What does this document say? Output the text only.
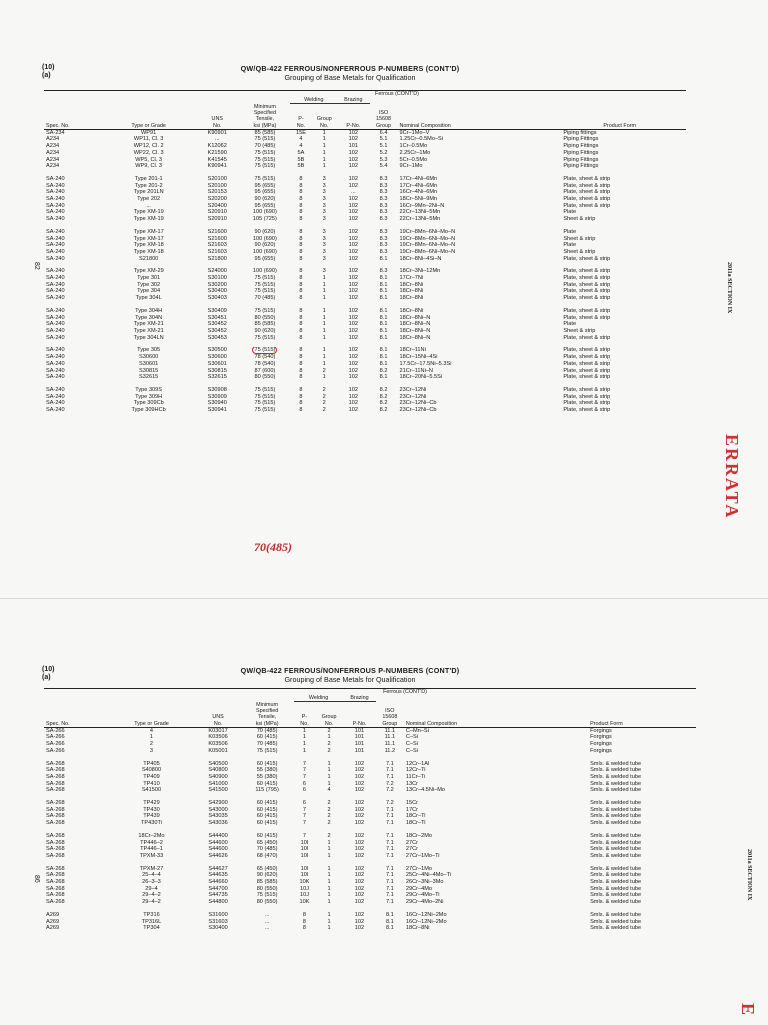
(10)
(a)
QW/QB-422 FERROUS/NONFERROUS P-NUMBERS (CONT'D)
Grouping of Base Metals for Qualification
						Ferrous (CONT'D)			
				Welding		Brazing			
Spec. No.	Type or Grade	UNS
No.	Minimum
Specified
Tensile,
ksi (MPa)	P-
No.	Group
No.	P-No.	ISO
15608
Group	Nominal Composition	Product Form
SA-234	WP91	K90901	85 (585)	15E	1	102	6.4	9Cr–1Mo–V	Piping fittings
A234	WP11, Cl. 3	...	75 (515)	4	1	102	5.1	1.25Cr–0.5Mo–Si	Piping Fittings
A234	WP12, Cl. 2	K12062	70 (485)	4	1	101	5.1	1Cr–0.5Mo	Piping Fittings
A234	WP22, Cl. 3	K21590	75 (515)	5A	1	102	5.2	2.25Cr–1Mo	Piping Fittings
A234	WP5, Cl. 3	K41545	75 (515)	5B	1	102	5.3	5Cr–0.5Mo	Piping Fittings
A234	WP9, Cl. 3	K90941	75 (515)	5B	1	102	5.4	9Cr–1Mo	Piping Fittings

SA-240	Type 201-1	S20100	75 (515)	8	3	102	8.3	17Cr–4Ni–6Mn	Plate, sheet & strip
SA-240	Type 201-2	S20100	95 (655)	8	3	102	8.3	17Cr–4Ni–6Mn	Plate, sheet & strip
SA-240	Type 201LN	S20153	95 (655)	8	3	...	8.3	16Cr–4Ni–6Mn	Plate, sheet & strip
SA-240	Type 202	S20200	90 (620)	8	3	102	8.3	18Cr–5Ni–9Mn	Plate, sheet & strip
SA-240	...	S20400	95 (655)	8	3	102	8.3	16Cr–9Mn–2Ni–N	Plate, sheet & strip
SA-240	Type XM-19	S20910	100 (690)	8	3	102	8.3	22Cr–13Ni–5Mn	Plate
SA-240	Type XM-19	S20910	105 (725)	8	3	102	8.3	22Cr–13Ni–5Mn	Sheet & strip

SA-240	Type XM-17	S21600	90 (620)	8	3	102	8.3	19Cr–8Mn–6Ni–Mo–N	Plate
SA-240	Type XM-17	S21600	100 (690)	8	3	102	8.3	19Cr–8Mn–6Ni–Mo–N	Sheet & strip
SA-240	Type XM-18	S21603	90 (620)	8	3	102	8.3	19Cr–8Mn–6Ni–Mo–N	Plate
SA-240	Type XM-18	S21603	100 (690)	8	3	102	8.3	19Cr–8Mn–6Ni–Mo–N	Sheet & strip
SA-240	S21800	S21800	95 (655)	8	3	102	8.1	18Cr–8Ni–4Si–N	Plate, sheet & strip

SA-240	Type XM-29	S24000	100 (690)	8	3	102	8.3	18Cr–3Ni–12Mn	Plate, sheet & strip
SA-240	Type 301	S30100	75 (515)	8	1	102	8.1	17Cr–7Ni	Plate, sheet & strip
SA-240	Type 302	S30200	75 (515)	8	1	102	8.1	18Cr–8Ni	Plate, sheet & strip
SA-240	Type 304	S30400	75 (515)	8	1	102	8.1	18Cr–8Ni	Plate, sheet & strip
SA-240	Type 304L	S30403	70 (485)	8	1	102	8.1	18Cr–8Ni	Plate, sheet & strip

SA-240	Type 304H	S30409	75 (515)	8	1	102	8.1	18Cr–8Ni	Plate, sheet & strip
SA-240	Type 304N	S30451	80 (550)	8	1	102	8.1	18Cr–8Ni–N	Plate, sheet & strip
SA-240	Type XM-21	S30452	85 (585)	8	1	102	8.1	18Cr–8Ni–N	Plate
SA-240	Type XM-21	S30452	90 (620)	8	1	102	8.1	18Cr–8Ni–N	Sheet & strip
SA-240	Type 304LN	S30453	75 (515)	8	1	102	8.1	18Cr–8Ni–N	Plate, sheet & strip

SA-240	Type 305	S30500	75 (515)	8	1	102	8.1	18Cr–11Ni	Plate, sheet & strip
SA-240	S30600	S30600	78 (540)	8	1	102	8.1	18Cr–15Ni–4Si	Plate, sheet & strip
SA-240	S30601	S30601	78 (540)	8	1	102	8.1	17.5Cr–17.5Ni–5.3Si	Plate, sheet & strip
SA-240	S30815	S30815	87 (600)	8	2	102	8.2	21Cr–11Ni–N	Plate, sheet & strip
SA-240	S32615	S32615	80 (550)	8	1	102	8.1	18Cr–20Ni–5.5Si	Plate, sheet & strip

SA-240	Type 309S	S30908	75 (515)	8	2	102	8.2	23Cr–12Ni	Plate, sheet & strip
SA-240	Type 309H	S30909	75 (515)	8	2	102	8.2	23Cr–12Ni	Plate, sheet & strip
SA-240	Type 309Cb	S30940	75 (515)	8	2	102	8.2	23Cr–12Ni–Cb	Plate, sheet & strip
SA-240	Type 309HCb	S30941	75 (515)	8	2	102	8.2	23Cr–12Ni–Cb	Plate, sheet & strip
70(485)
2011a SECTION IX
82
ERRATA
(10)
(a)
QW/QB-422 FERROUS/NONFERROUS P-NUMBERS (CONT'D)
Grouping of Base Metals for Qualification
						Ferrous (CONT'D)			
				Welding		Brazing			
Spec. No.	Type or Grade	UNS
No.	Minimum
Specified
Tensile,
ksi (MPa)	P-
No.	Group
No.	P-No.	ISO
15608
Group	Nominal Composition	Product Form
SA-266	4	K03017	70 (485)	1	2	101	11.1	C–Mn–Si	Forgings
SA-266	1	K03506	60 (415)	1	1	101	11.1	C–Si	Forgings
SA-266	2	K03506	70 (485)	1	2	101	11.1	C–Si	Forgings
SA-266	3	K05001	75 (515)	1	2	101	11.2	C–Si	Forgings

SA-268	TP405	S40500	60 (415)	7	1	102	7.1	12Cr–1Al	Smls. & welded tube
SA-268	S40800	S40800	55 (380)	7	1	102	7.1	12Cr–Ti	Smls. & welded tube
SA-268	TP409	S40900	55 (380)	7	1	102	7.1	11Cr–Ti	Smls. & welded tube
SA-268	TP410	S41000	60 (415)	6	1	102	7.2	13Cr	Smls. & welded tube
SA-268	S41500	S41500	115 (795)	6	4	102	7.2	13Cr–4.5Ni–Mo	Smls. & welded tube

SA-268	TP429	S42900	60 (415)	6	2	102	7.2	15Cr	Smls. & welded tube
SA-268	TP430	S43000	60 (415)	7	2	102	7.1	17Cr	Smls. & welded tube
SA-268	TP439	S43035	60 (415)	7	2	102	7.1	18Cr–Ti	Smls. & welded tube
SA-268	TP430Ti	S43036	60 (415)	7	2	102	7.1	18Cr–Ti	Smls. & welded tube

SA-268	18Cr–2Mo	S44400	60 (415)	7	2	102	7.1	18Cr–2Mo	Smls. & welded tube
SA-268	TP446–2	S44600	65 (450)	10I	1	102	7.1	27Cr	Smls. & welded tube
SA-268	TP446–1	S44600	70 (485)	10I	1	102	7.1	27Cr	Smls. & welded tube
SA-268	TPXM-33	S44626	68 (470)	10I	1	102	7.1	27Cr–1Mo–Ti	Smls. & welded tube

SA-268	TPXM-27	S44627	65 (450)	10I	1	102	7.1	27Cr–1Mo	Smls. & welded tube
SA-268	25–4–4	S44635	90 (620)	10I	1	102	7.1	25Cr–4Ni–4Mo–Ti	Smls. & welded tube
SA-268	26–3–3	S44660	85 (585)	10K	1	102	7.1	26Cr–3Ni–3Mo	Smls. & welded tube
SA-268	29–4	S44700	80 (550)	10J	1	102	7.1	29Cr–4Mo	Smls. & welded tube
SA-268	29–4–2	S44735	75 (515)	10J	1	102	7.1	29Cr–4Mo–Ti	Smls. & welded tube
SA-268	29–4–2	S44800	80 (550)	10K	1	102	7.1	29Cr–4Mo–2Ni	Smls. & welded tube

A269	TP316	S31600	...	8	1	102	8.1	16Cr–12Ni–2Mo	Smls. & welded tube
A269	TP316L	S31603	...	8	1	102	8.1	16Cr–12Ni–2Mo	Smls. & welded tube
A269	TP304	S30400	...	8	1	102	8.1	18Cr–8Ni	Smls. & welded tube
2011a SECTION IX
86
E
